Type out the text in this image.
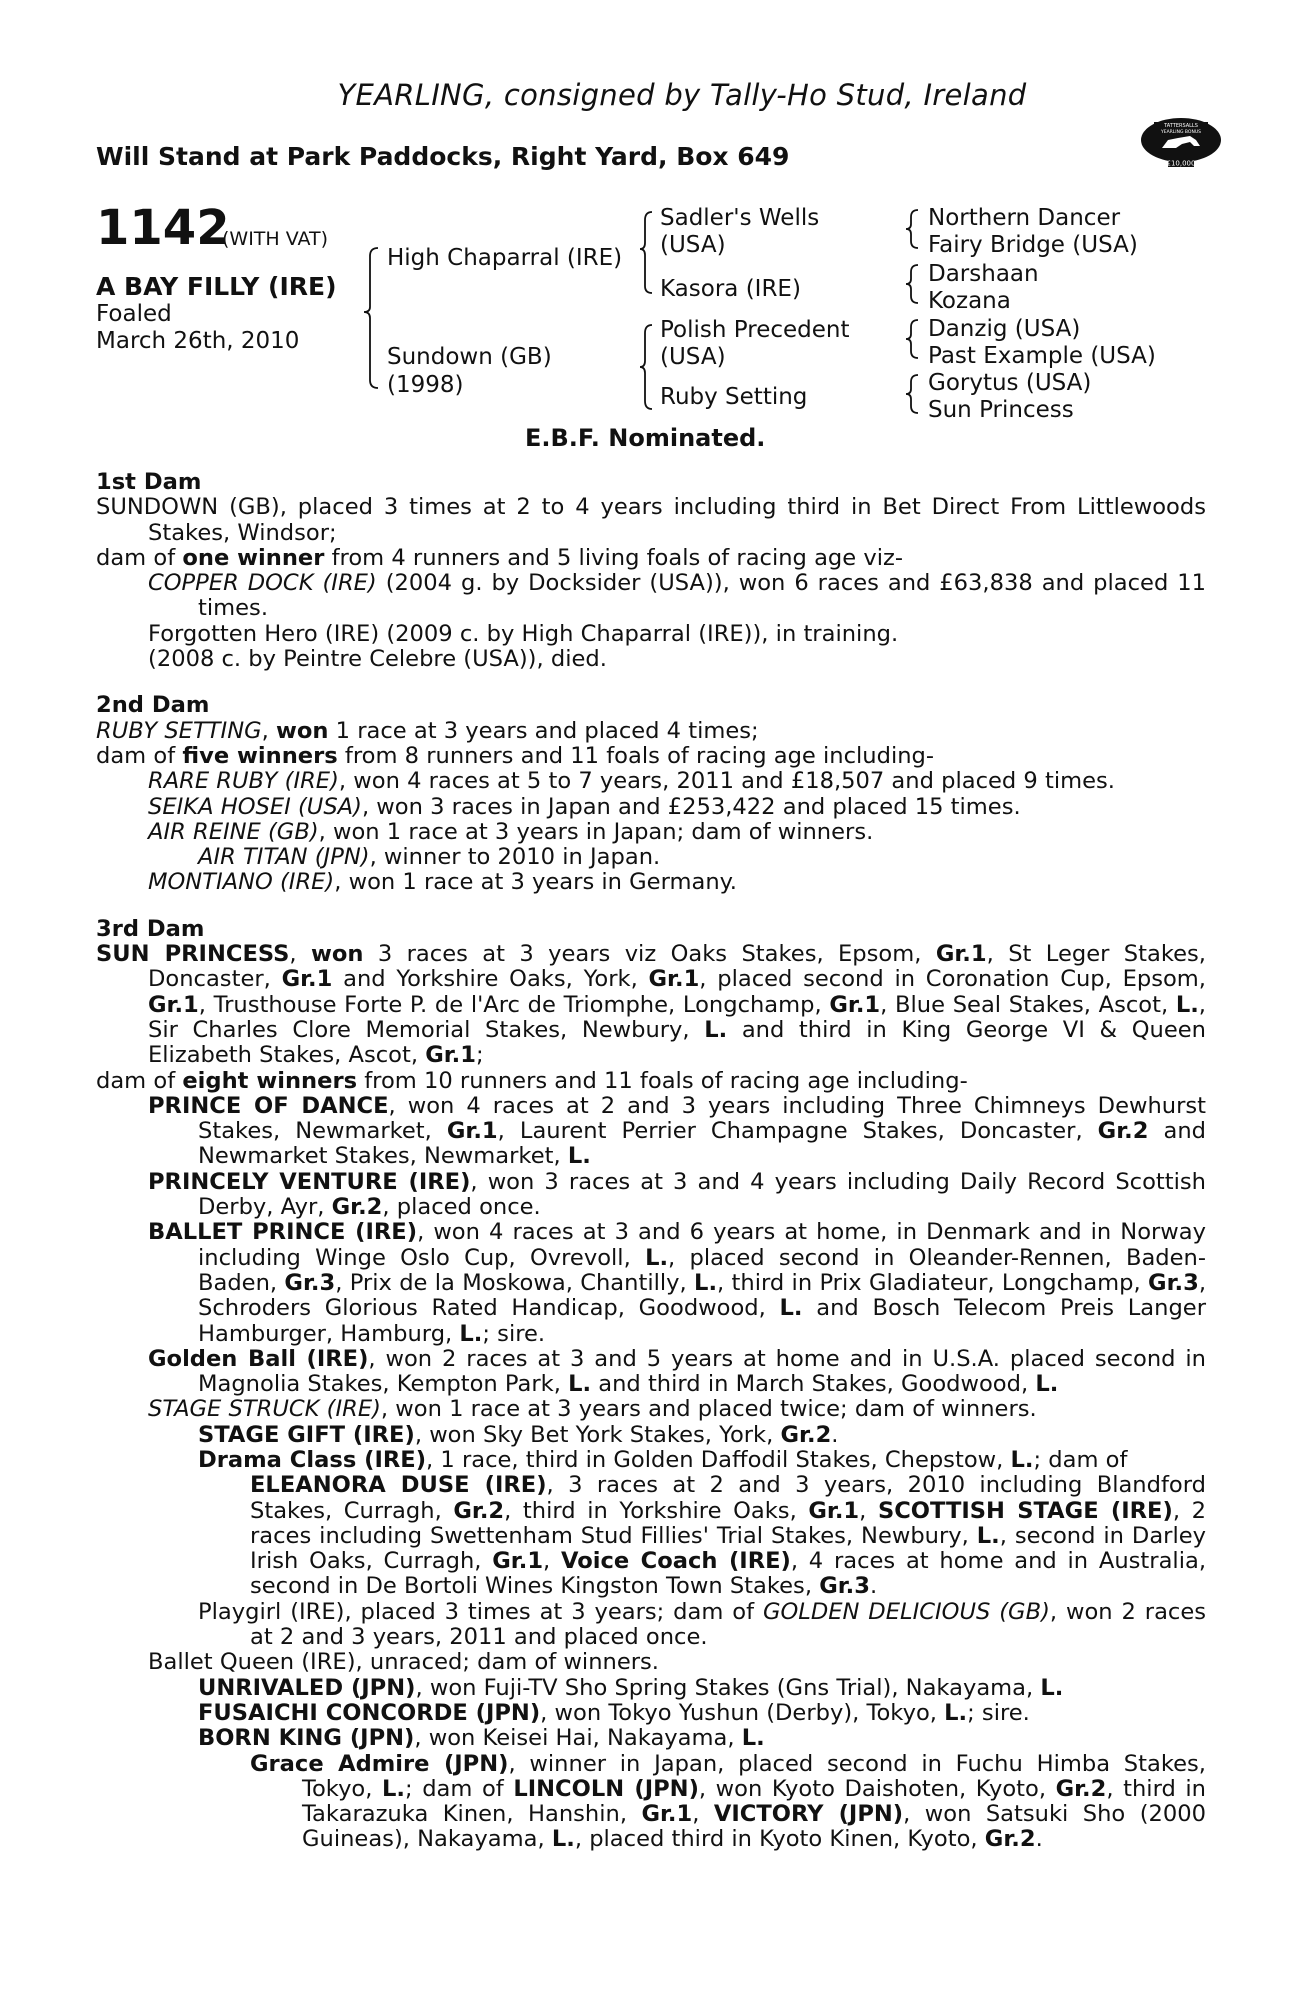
YEARLING, consigned by Tally-Ho Stud, Ireland
Will Stand at Park Paddocks, Right Yard, Box 649
TATTERSALLS
YEARLING BONUS
£10,000
1142
(WITH VAT)
A BAY FILLY (IRE)
Foaled
March 26th, 2010
High Chaparral (IRE)
Sundown (GB)
(1998)
Sadler's Wells
(USA)
Kasora (IRE)
Polish Precedent
(USA)
Ruby Setting
Northern Dancer
Fairy Bridge (USA)
Darshaan
Kozana
Danzig (USA)
Past Example (USA)
Gorytus (USA)
Sun Princess
E.B.F. Nominated.
1st Dam
SUNDOWN (GB), placed 3 times at 2 to 4 years including third in Bet Direct From Littlewoods Stakes, Windsor;
dam of one winner from 4 runners and 5 living foals of racing age viz-
COPPER DOCK (IRE) (2004 g. by Docksider (USA)), won 6 races and £63,838 and placed 11 times.
Forgotten Hero (IRE) (2009 c. by High Chaparral (IRE)), in training.
(2008 c. by Peintre Celebre (USA)), died.
2nd Dam
RUBY SETTING, won 1 race at 3 years and placed 4 times;
dam of five winners from 8 runners and 11 foals of racing age including-
RARE RUBY (IRE), won 4 races at 5 to 7 years, 2011 and £18,507 and placed 9 times.
SEIKA HOSEI (USA), won 3 races in Japan and £253,422 and placed 15 times.
AIR REINE (GB), won 1 race at 3 years in Japan; dam of winners.
AIR TITAN (JPN), winner to 2010 in Japan.
MONTIANO (IRE), won 1 race at 3 years in Germany.
3rd Dam
SUN PRINCESS, won 3 races at 3 years viz Oaks Stakes, Epsom, Gr.1, St Leger Stakes, Doncaster, Gr.1 and Yorkshire Oaks, York, Gr.1, placed second in Coronation Cup, Epsom, Gr.1, Trusthouse Forte P. de l'Arc de Triomphe, Longchamp, Gr.1, Blue Seal Stakes, Ascot, L., Sir Charles Clore Memorial Stakes, Newbury, L. and third in King George VI & Queen Elizabeth Stakes, Ascot, Gr.1;
dam of eight winners from 10 runners and 11 foals of racing age including-
PRINCE OF DANCE, won 4 races at 2 and 3 years including Three Chimneys Dewhurst Stakes, Newmarket, Gr.1, Laurent Perrier Champagne Stakes, Doncaster, Gr.2 and Newmarket Stakes, Newmarket, L.
PRINCELY VENTURE (IRE), won 3 races at 3 and 4 years including Daily Record Scottish Derby, Ayr, Gr.2, placed once.
BALLET PRINCE (IRE), won 4 races at 3 and 6 years at home, in Denmark and in Norway including Winge Oslo Cup, Ovrevoll, L., placed second in Oleander-Rennen, Baden-Baden, Gr.3, Prix de la Moskowa, Chantilly, L., third in Prix Gladiateur, Longchamp, Gr.3, Schroders Glorious Rated Handicap, Goodwood, L. and Bosch Telecom Preis Langer Hamburger, Hamburg, L.; sire.
Golden Ball (IRE), won 2 races at 3 and 5 years at home and in U.S.A. placed second in Magnolia Stakes, Kempton Park, L. and third in March Stakes, Goodwood, L.
STAGE STRUCK (IRE), won 1 race at 3 years and placed twice; dam of winners.
STAGE GIFT (IRE), won Sky Bet York Stakes, York, Gr.2.
Drama Class (IRE), 1 race, third in Golden Daffodil Stakes, Chepstow, L.; dam of
ELEANORA DUSE (IRE), 3 races at 2 and 3 years, 2010 including Blandford Stakes, Curragh, Gr.2, third in Yorkshire Oaks, Gr.1, SCOTTISH STAGE (IRE), 2 races including Swettenham Stud Fillies' Trial Stakes, Newbury, L., second in Darley Irish Oaks, Curragh, Gr.1, Voice Coach (IRE), 4 races at home and in Australia, second in De Bortoli Wines Kingston Town Stakes, Gr.3.
Playgirl (IRE), placed 3 times at 3 years; dam of GOLDEN DELICIOUS (GB), won 2 races at 2 and 3 years, 2011 and placed once.
Ballet Queen (IRE), unraced; dam of winners.
UNRIVALED (JPN), won Fuji-TV Sho Spring Stakes (Gns Trial), Nakayama, L.
FUSAICHI CONCORDE (JPN), won Tokyo Yushun (Derby), Tokyo, L.; sire.
BORN KING (JPN), won Keisei Hai, Nakayama, L.
Grace Admire (JPN), winner in Japan, placed second in Fuchu Himba Stakes, Tokyo, L.; dam of LINCOLN (JPN), won Kyoto Daishoten, Kyoto, Gr.2, third in Takarazuka Kinen, Hanshin, Gr.1, VICTORY (JPN), won Satsuki Sho (2000 Guineas), Nakayama, L., placed third in Kyoto Kinen, Kyoto, Gr.2.
